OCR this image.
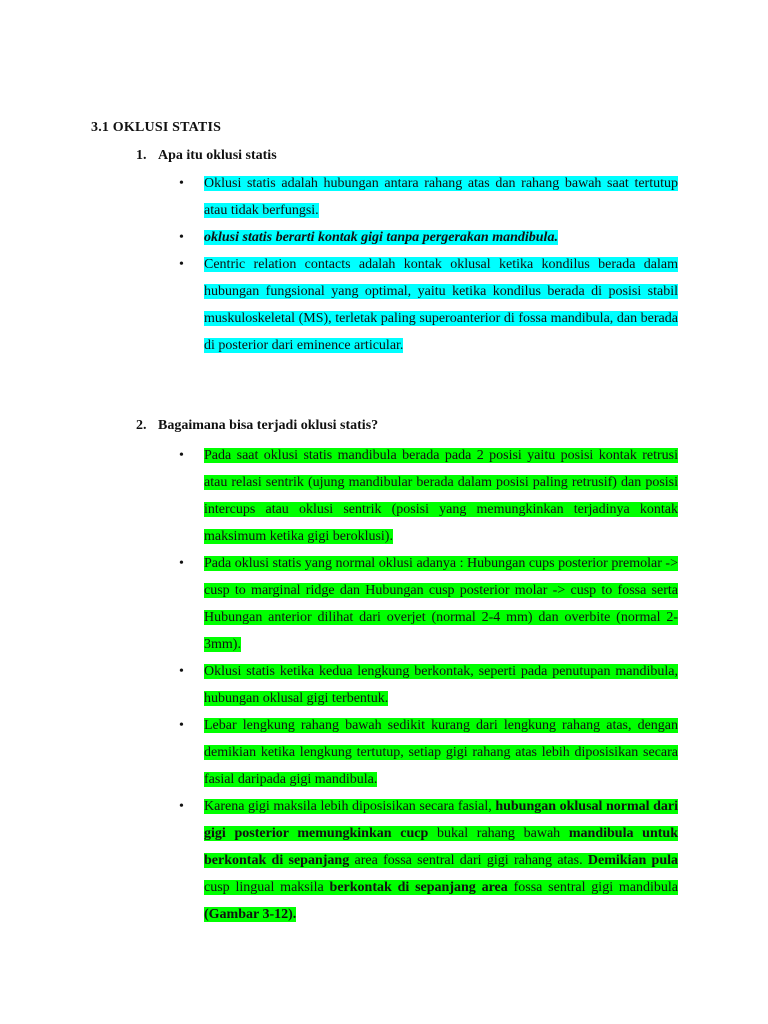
3.1 OKLUSI STATIS
1. Apa itu oklusi statis
• Oklusi statis adalah hubungan antara rahang atas dan rahang bawah saat tertutup atau tidak berfungsi.
• oklusi statis berarti kontak gigi tanpa pergerakan mandibula.
• Centric relation contacts adalah kontak oklusal ketika kondilus berada dalam hubungan fungsional yang optimal, yaitu ketika kondilus berada di posisi stabil muskuloskeletal (MS), terletak paling superoanterior di fossa mandibula, dan berada di posterior dari eminence articular.
2. Bagaimana bisa terjadi oklusi statis?
• Pada saat oklusi statis mandibula berada pada 2 posisi yaitu posisi kontak retrusi atau relasi sentrik (ujung mandibular berada dalam posisi paling retrusif) dan posisi intercups atau oklusi sentrik (posisi yang memungkinkan terjadinya kontak maksimum ketika gigi beroklusi).
• Pada oklusi statis yang normal oklusi adanya : Hubungan cups posterior premolar -> cusp to marginal ridge dan Hubungan cusp posterior molar -> cusp to fossa serta Hubungan anterior dilihat dari overjet (normal 2-4 mm) dan overbite (normal 2-3mm).
• Oklusi statis ketika kedua lengkung berkontak, seperti pada penutupan mandibula, hubungan oklusal gigi terbentuk.
• Lebar lengkung rahang bawah sedikit kurang dari lengkung rahang atas, dengan demikian ketika lengkung tertutup, setiap gigi rahang atas lebih diposisikan secara fasial daripada gigi mandibula.
• Karena gigi maksila lebih diposisikan secara fasial, hubungan oklusal normal dari gigi posterior memungkinkan cucp bukal rahang bawah mandibula untuk berkontak di sepanjang area fossa sentral dari gigi rahang atas. Demikian pula cusp lingual maksila berkontak di sepanjang area fossa sentral gigi mandibula (Gambar 3-12).
